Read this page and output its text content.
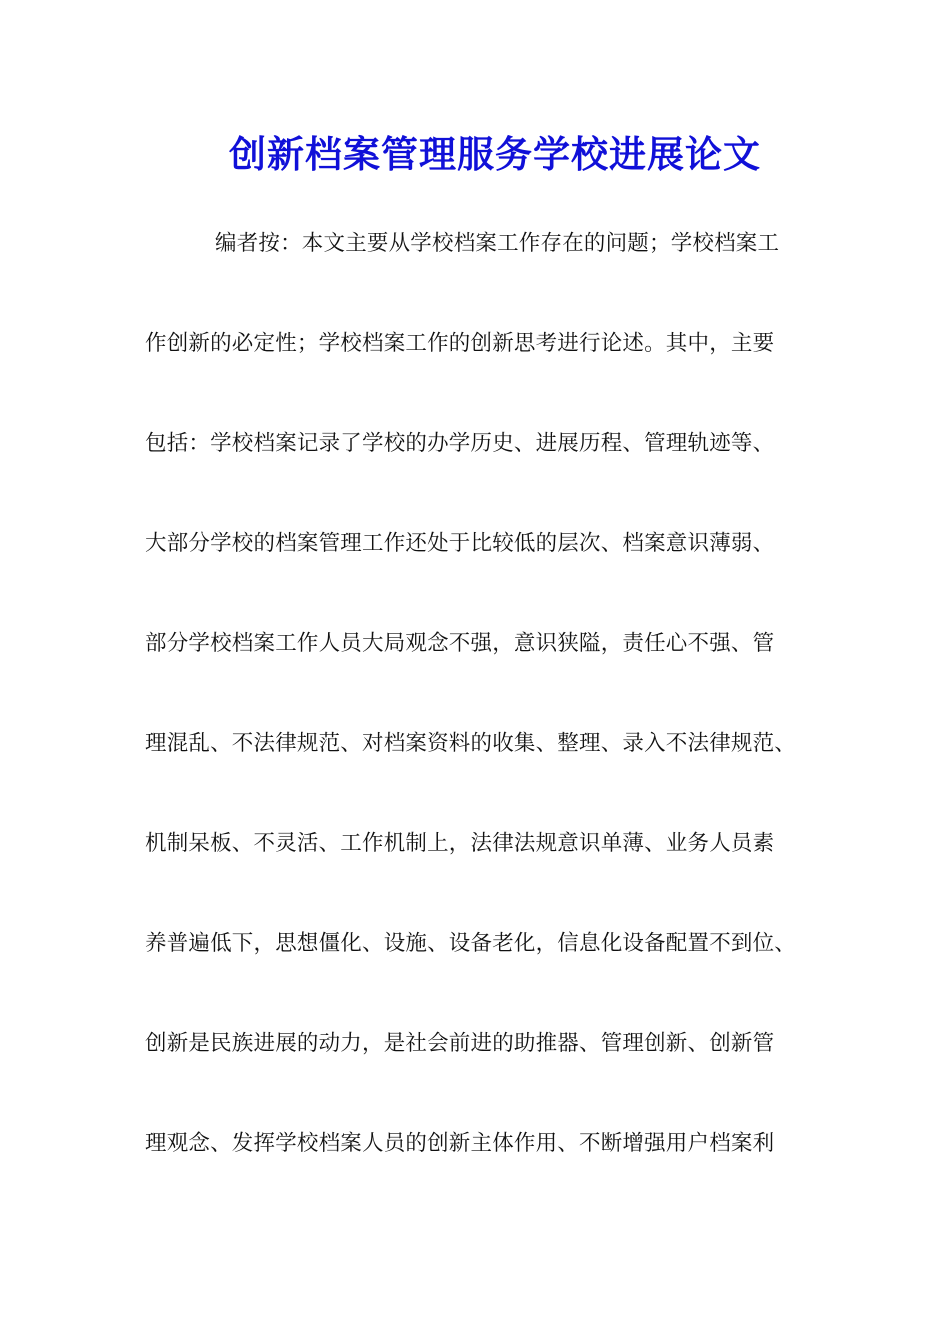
创新档案管理服务学校进展论文
编者按：本文主要从学校档案工作存在的问题；学校档案工
作创新的必定性；学校档案工作的创新思考进行论述。其中，主要
包括：学校档案记录了学校的办学历史、进展历程、管理轨迹等、
大部分学校的档案管理工作还处于比较低的层次、档案意识薄弱、
部分学校档案工作人员大局观念不强，意识狭隘，责任心不强、管
理混乱、不法律规范、对档案资料的收集、整理、录入不法律规范、
机制呆板、不灵活、工作机制上，法律法规意识单薄、业务人员素
养普遍低下，思想僵化、设施、设备老化，信息化设备配置不到位、
创新是民族进展的动力，是社会前进的助推器、管理创新、创新管
理观念、发挥学校档案人员的创新主体作用、不断增强用户档案利
